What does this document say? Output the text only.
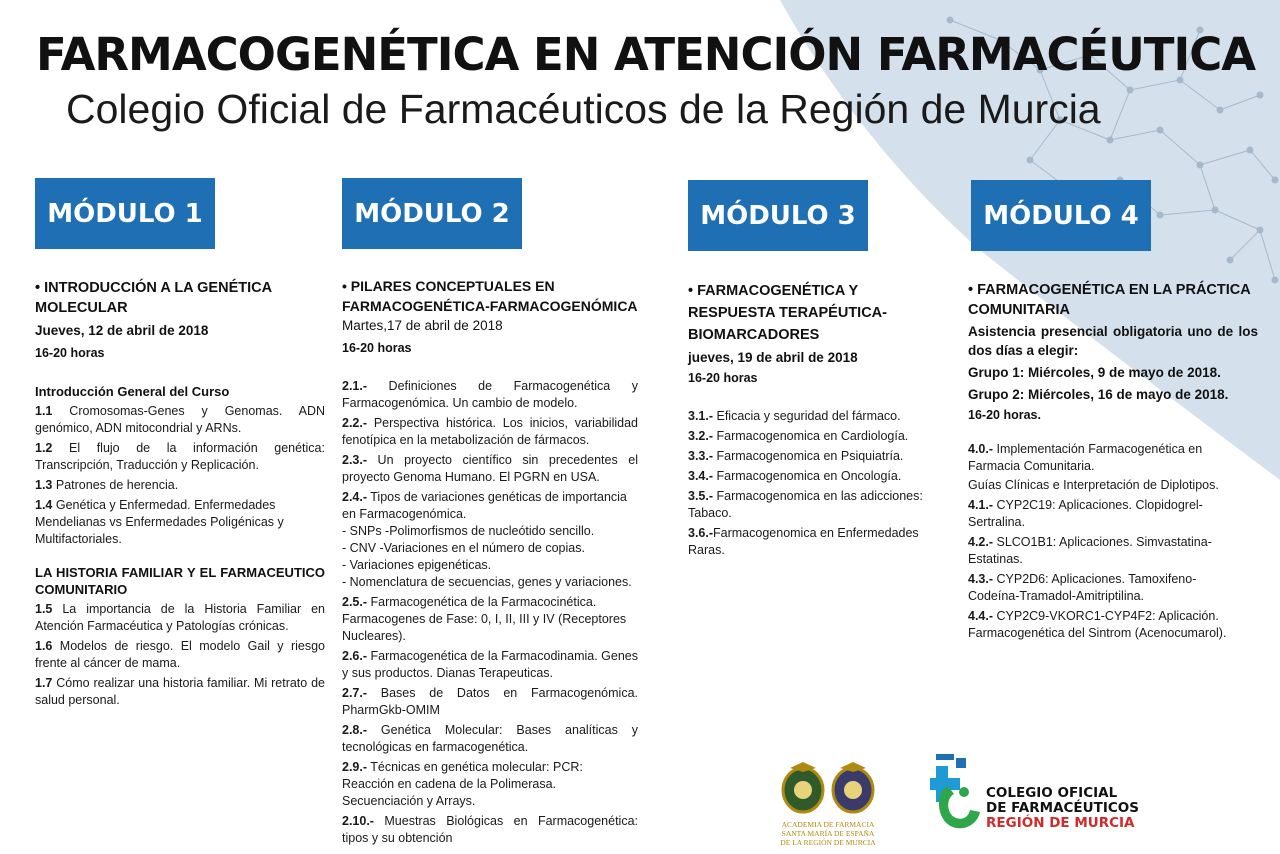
FARMACOGENÉTICA EN ATENCIÓN FARMACÉUTICA
Colegio Oficial de Farmacéuticos de la Región de Murcia
MÓDULO 1	MÓDULO 2	MÓDULO 3	MÓDULO 4
• INTRODUCCIÓN A LA GENÉTICA MOLECULAR
Jueves, 12 de abril de 2018
16-20 horas
Introducción General del Curso
1.1 Cromosomas-Genes y Genomas. ADN genómico, ADN mitocondrial y ARNs.
1.2 El flujo de la información genética: Transcripción, Traducción y Replicación.
1.3 Patrones de herencia.
1.4 Genética y Enfermedad. Enfermedades Mendelianas vs Enfermedades Poligénicas y Multifactoriales.
LA HISTORIA FAMILIAR Y EL FARMACEUTICO COMUNITARIO
1.5 La importancia de la Historia Familiar en Atención Farmacéutica y Patologías crónicas.
1.6 Modelos de riesgo. El modelo Gail y riesgo frente al cáncer de mama.
1.7 Cómo realizar una historia familiar. Mi retrato de salud personal.
• PILARES CONCEPTUALES EN FARMACOGENÉTICA-FARMACOGENÓMICA
Martes,17 de abril de 2018
16-20 horas
2.1.- Definiciones de Farmacogenética y Farmacogenómica. Un cambio de modelo.
2.2.- Perspectiva histórica. Los inicios, variabilidad fenotípica en la metabolización de fármacos.
2.3.- Un proyecto científico sin precedentes el proyecto Genoma Humano. El PGRN en USA.
2.4.- Tipos de variaciones genéticas de importancia en Farmacogenómica.
- SNPs -Polimorfismos de nucleótido sencillo.
- CNV -Variaciones en el número de copias.
- Variaciones epigenéticas.
- Nomenclatura de secuencias, genes y variaciones.
2.5.- Farmacogenética de la Farmacocinética. Farmacogenes de Fase: 0, I, II, III y IV (Receptores Nucleares).
2.6.- Farmacogenética de la Farmacodinamia. Genes y sus productos. Dianas Terapeuticas.
2.7.- Bases de Datos en Farmacogenómica. PharmGkb-OMIM
2.8.- Genética Molecular: Bases analíticas y tecnológicas en farmacogenética.
2.9.- Técnicas en genética molecular: PCR: Reacción en cadena de la Polimerasa. Secuenciación y Arrays.
2.10.- Muestras Biológicas en Farmacogenética: tipos y su obtención
• FARMACOGENÉTICA Y RESPUESTA TERAPÉUTICA-BIOMARCADORES
jueves, 19 de abril de 2018
16-20 horas
3.1.- Eficacia y seguridad del fármaco.
3.2.- Farmacogenomica en Cardiología.
3.3.- Farmacogenomica en Psiquiatría.
3.4.- Farmacogenomica en Oncología.
3.5.- Farmacogenomica en las adicciones: Tabaco.
3.6.-Farmacogenomica en Enfermedades Raras.
• FARMACOGENÉTICA EN LA PRÁCTICA COMUNITARIA
Asistencia presencial obligatoria uno de los dos días a elegir:
Grupo 1: Miércoles, 9 de mayo de 2018.
Grupo 2: Miércoles, 16 de mayo de 2018.
16-20 horas.
4.0.- Implementación Farmacogenética en Farmacia Comunitaria.
Guías Clínicas e Interpretación de Diplotipos.
4.1.- CYP2C19: Aplicaciones. Clopidogrel-Sertralina.
4.2.- SLCO1B1: Aplicaciones. Simvastatina-Estatinas.
4.3.- CYP2D6: Aplicaciones. Tamoxifeno-Codeína-Tramadol-Amitriptilina.
4.4.- CYP2C9-VKORC1-CYP4F2: Aplicación. Farmacogenética del Sintrom (Acenocumarol).
ACADEMIA DE FARMACIA
SANTA MARÍA DE ESPAÑA
DE LA REGIÓN DE MURCIA
COLEGIO OFICIAL
DE FARMACÉUTICOS
REGIÓN DE MURCIA
